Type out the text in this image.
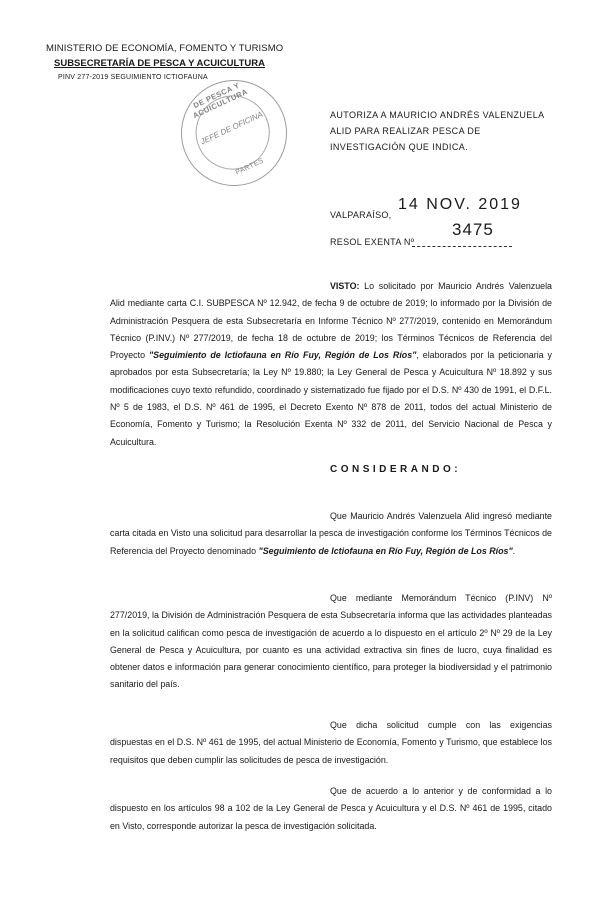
MINISTERIO DE ECONOMÍA, FOMENTO Y TURISMO
SUBSECRETARÍA DE PESCA Y ACUICULTURA
PINV 277-2019 SEGUIMIENTO ICTIOFAUNA
DE PESCA Y ACUICULTURA
JEFE DE OFICINA
PARTES
AUTORIZA A MAURICIO ANDRÉS VALENZUELA ALID PARA REALIZAR PESCA DE INVESTIGACIÓN QUE INDICA.
VALPARAÍSO,
14 NOV. 2019
RESOL EXENTA Nº
3475
VISTO: Lo solicitado por Mauricio Andrés Valenzuela Alid mediante carta C.I. SUBPESCA Nº 12.942, de fecha 9 de octubre de 2019; lo informado por la División de Administración Pesquera de esta Subsecretaría en Informe Técnico Nº 277/2019, contenido en Memorándum Técnico (P.INV.) Nº 277/2019, de fecha 18 de octubre de 2019; los Términos Técnicos de Referencia del Proyecto "Seguimiento de Ictiofauna en Río Fuy, Región de Los Ríos", elaborados por la peticionaria y aprobados por esta Subsecretaría; la Ley Nº 19.880; la Ley General de Pesca y Acuicultura Nº 18.892 y sus modificaciones cuyo texto refundido, coordinado y sistematizado fue fijado por el D.S. Nº 430 de 1991, el D.F.L. Nº 5 de 1983, el D.S. Nº 461 de 1995, el Decreto Exento Nº 878 de 2011, todos del actual Ministerio de Economía, Fomento y Turismo; la Resolución Exenta Nº 332 de 2011, del Servicio Nacional de Pesca y Acuicultura.
CONSIDERANDO:
Que Mauricio Andrés Valenzuela Alid ingresó mediante carta citada en Visto una solicitud para desarrollar la pesca de investigación conforme los Términos Técnicos de Referencia del Proyecto denominado "Seguimiento de Ictiofauna en Río Fuy, Región de Los Ríos".
Que mediante Memorándum Técnico (P.INV) Nº 277/2019, la División de Administración Pesquera de esta Subsecretaría informa que las actividades planteadas en la solicitud califican como pesca de investigación de acuerdo a lo dispuesto en el artículo 2º Nº 29 de la Ley General de Pesca y Acuicultura, por cuanto es una actividad extractiva sin fines de lucro, cuya finalidad es obtener datos e información para generar conocimiento científico, para proteger la biodiversidad y el patrimonio sanitario del país.
Que dicha solicitud cumple con las exigencias dispuestas en el D.S. Nº 461 de 1995, del actual Ministerio de Economía, Fomento y Turismo, que establece los requisitos que deben cumplir las solicitudes de pesca de investigación.
Que de acuerdo a lo anterior y de conformidad a lo dispuesto en los artículos 98 a 102 de la Ley General de Pesca y Acuicultura y el D.S. Nº 461 de 1995, citado en Visto, corresponde autorizar la pesca de investigación solicitada.
